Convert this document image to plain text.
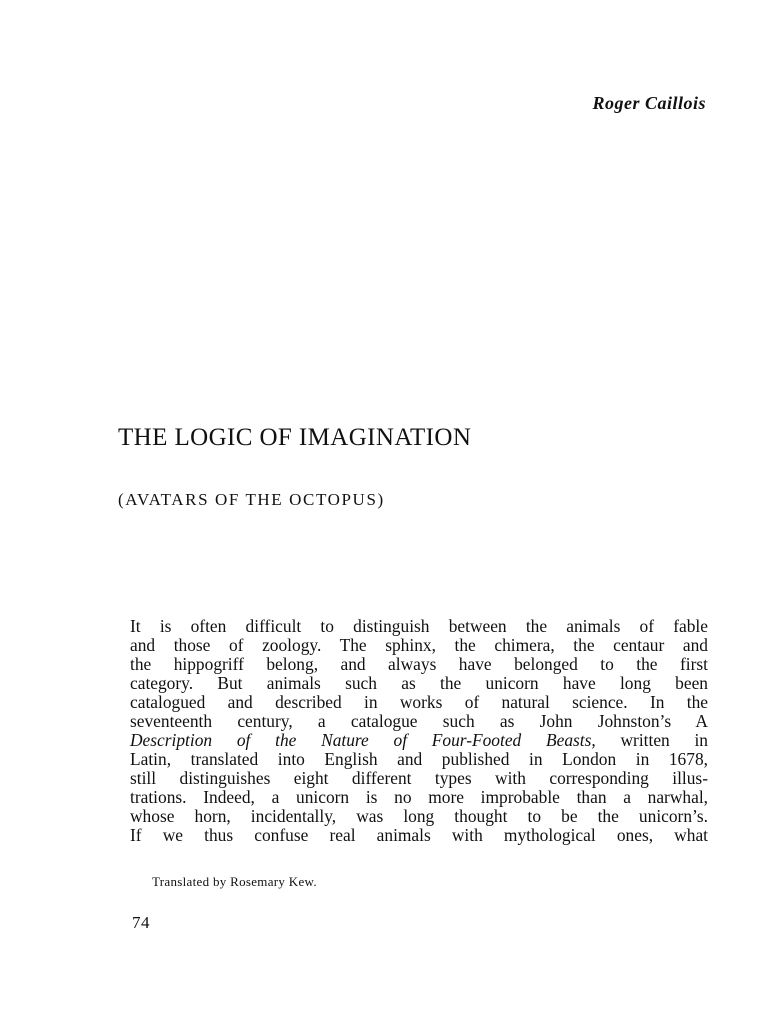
Roger Caillois
THE LOGIC OF IMAGINATION
(AVATARS OF THE OCTOPUS)
It is often difficult to distinguish between the animals of fable
and those of zoology. The sphinx, the chimera, the centaur and
the hippogriff belong, and always have belonged to the first
category. But animals such as the unicorn have long been
catalogued and described in works of natural science. In the
seventeenth century, a catalogue such as John Johnston’s A
Description of the Nature of Four-Footed Beasts, written in
Latin, translated into English and published in London in 1678,
still distinguishes eight different types with corresponding illus-
trations. Indeed, a unicorn is no more improbable than a narwhal,
whose horn, incidentally, was long thought to be the unicorn’s.
If we thus confuse real animals with mythological ones, what
Translated by Rosemary Kew.
74
